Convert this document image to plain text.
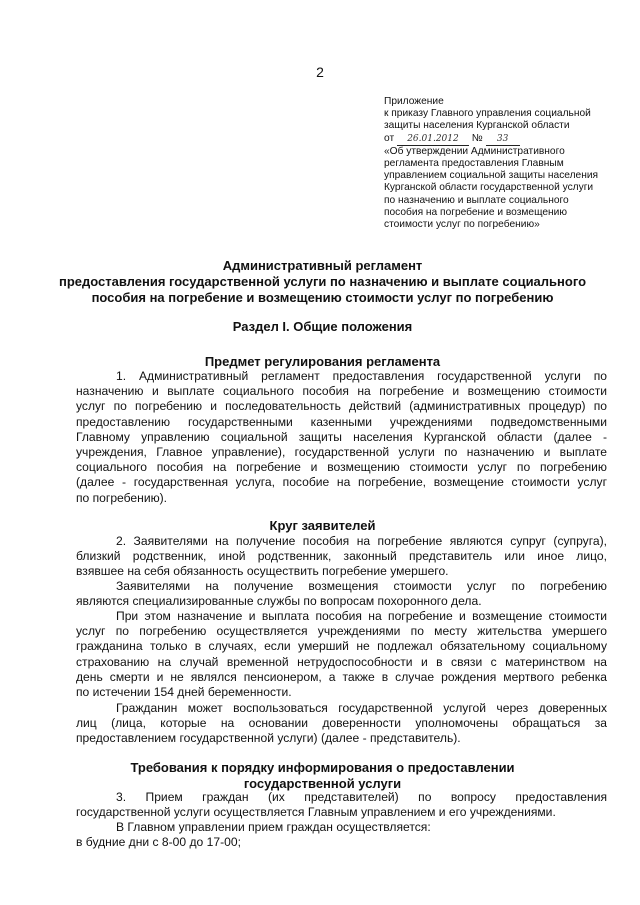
2
Приложение
к приказу Главного управления социальной
защиты населения Курганской области
от 26.01.2012 № 33
«Об утверждении Административного
регламента предоставления Главным
управлением социальной защиты населения
Курганской области государственной услуги
по назначению и выплате социального
пособия на погребение и возмещению
стоимости услуг по погребению»
Административный регламент
предоставления государственной услуги по назначению и выплате социального
пособия на погребение и возмещению стоимости услуг по погребению
Раздел I. Общие положения
Предмет регулирования регламента
1. Административный регламент предоставления государственной услуги по
назначению и выплате социального пособия на погребение и возмещению стоимости
услуг по погребению и последовательность действий (административных процедур) по
предоставлению государственными казенными учреждениями подведомственными
Главному управлению социальной защиты населения Курганской области (далее -
учреждения, Главное управление), государственной услуги по назначению и выплате
социального пособия на погребение и возмещению стоимости услуг по погребению
(далее - государственная услуга, пособие на погребение, возмещение стоимости услуг
по погребению).
Круг заявителей
2. Заявителями на получение пособия на погребение являются супруг (супруга),
близкий родственник, иной родственник, законный представитель или иное лицо,
взявшее на себя обязанность осуществить погребение умершего.
Заявителями на получение возмещения стоимости услуг по погребению
являются специализированные службы по вопросам похоронного дела.
При этом назначение и выплата пособия на погребение и возмещение стоимости
услуг по погребению осуществляется учреждениями по месту жительства умершего
гражданина только в случаях, если умерший не подлежал обязательному социальному
страхованию на случай временной нетрудоспособности и в связи с материнством на
день смерти и не являлся пенсионером, а также в случае рождения мертвого ребенка
по истечении 154 дней беременности.
Гражданин может воспользоваться государственной услугой через доверенных
лиц (лица, которые на основании доверенности уполномочены обращаться за
предоставлением государственной услуги) (далее - представитель).
Требования к порядку информирования о предоставлении
государственной услуги
3. Прием граждан (их представителей) по вопросу предоставления
государственной услуги осуществляется Главным управлением и его учреждениями.
В Главном управлении прием граждан осуществляется:
в будние дни с 8-00 до 17-00;
